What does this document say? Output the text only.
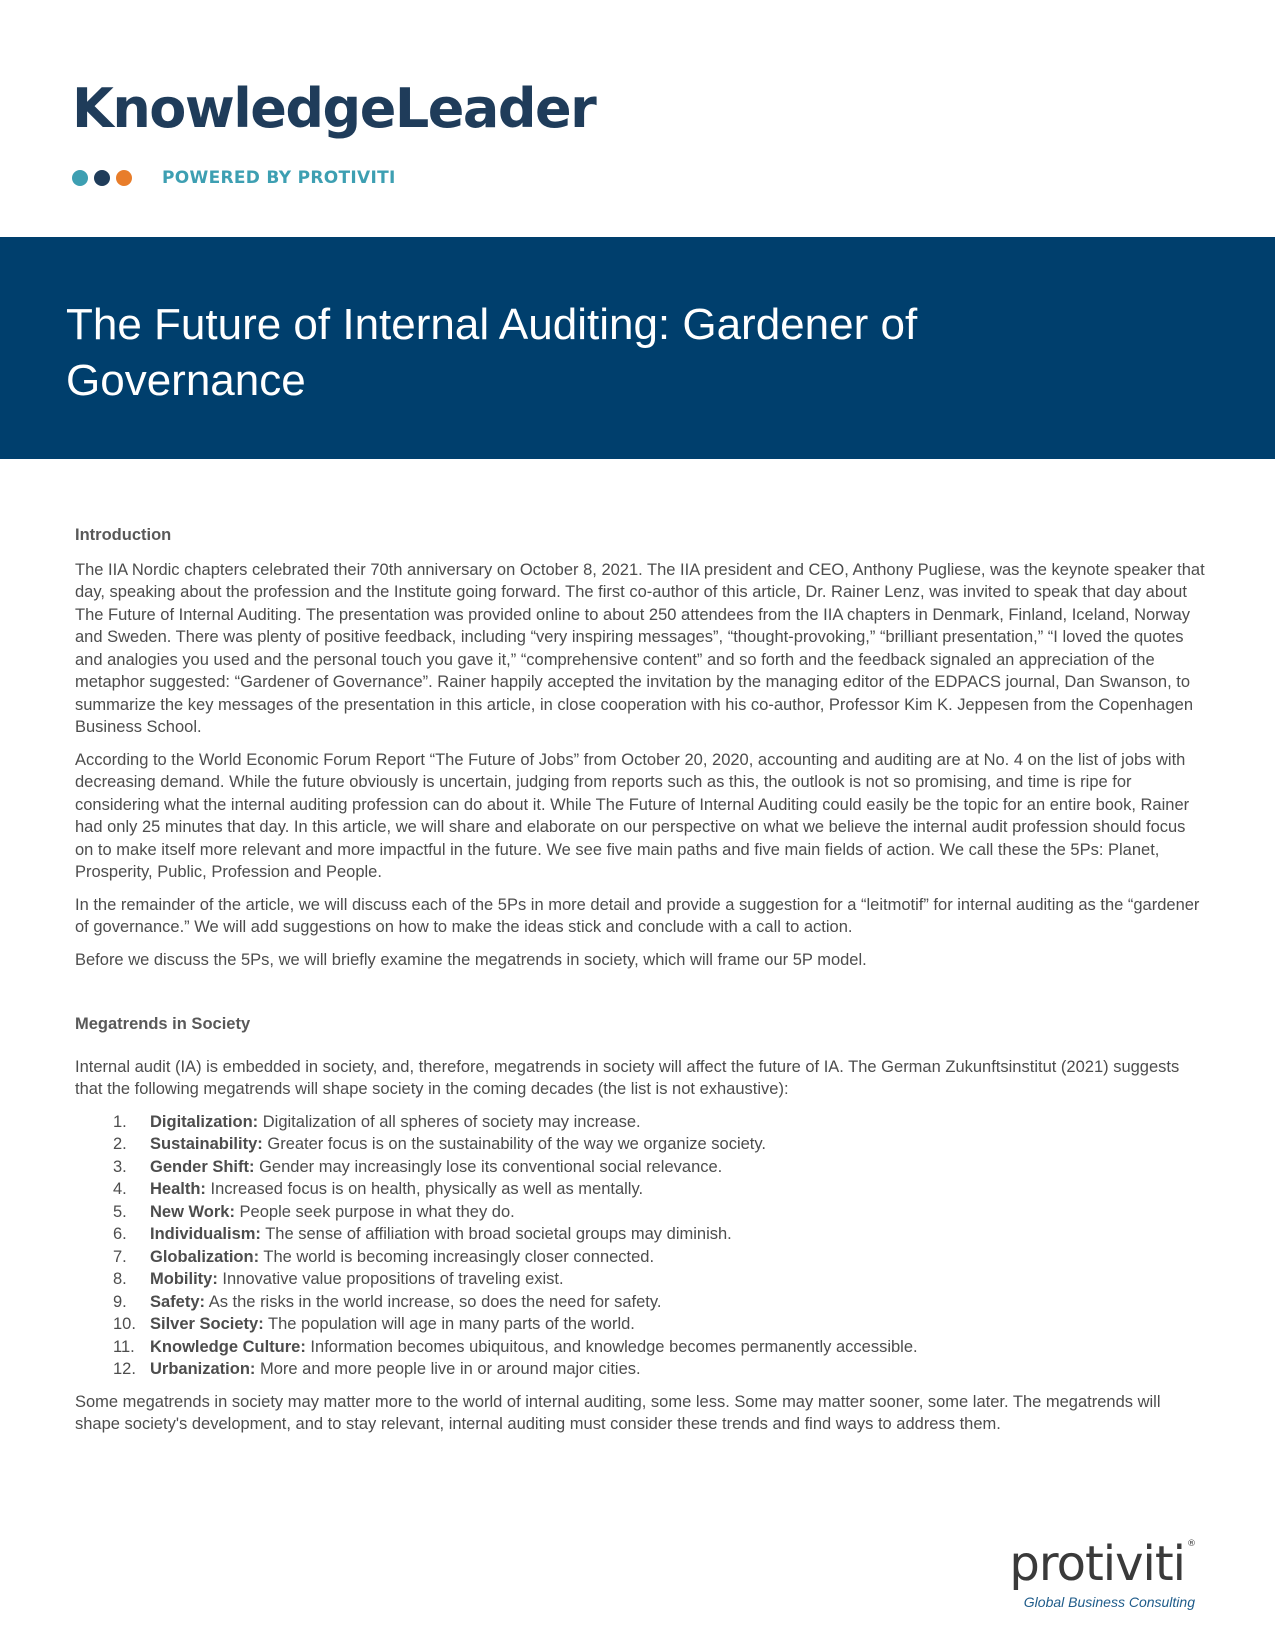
KnowledgeLeader
POWERED BY PROTIVITI
The Future of Internal Auditing: Gardener of Governance
Introduction

The IIA Nordic chapters celebrated their 70th anniversary on October 8, 2021. The IIA president and CEO, Anthony Pugliese, was the keynote speaker that day, speaking about the profession and the Institute going forward. The first co-author of this article, Dr. Rainer Lenz, was invited to speak that day about The Future of Internal Auditing. The presentation was provided online to about 250 attendees from the IIA chapters in Denmark, Finland, Iceland, Norway and Sweden. There was plenty of positive feedback, including “very inspiring messages”, “thought-provoking,” “brilliant presentation,” “I loved the quotes and analogies you used and the personal touch you gave it,” “comprehensive content” and so forth and the feedback signaled an appreciation of the metaphor suggested: “Gardener of Governance”. Rainer happily accepted the invitation by the managing editor of the EDPACS journal, Dan Swanson, to summarize the key messages of the presentation in this article, in close cooperation with his co-author, Professor Kim K. Jeppesen from the Copenhagen Business School.

According to the World Economic Forum Report “The Future of Jobs” from October 20, 2020, accounting and auditing are at No. 4 on the list of jobs with decreasing demand. While the future obviously is uncertain, judging from reports such as this, the outlook is not so promising, and time is ripe for considering what the internal auditing profession can do about it. While The Future of Internal Auditing could easily be the topic for an entire book, Rainer had only 25 minutes that day. In this article, we will share and elaborate on our perspective on what we believe the internal audit profession should focus on to make itself more relevant and more impactful in the future. We see five main paths and five main fields of action. We call these the 5Ps: Planet, Prosperity, Public, Profession and People.

In the remainder of the article, we will discuss each of the 5Ps in more detail and provide a suggestion for a “leitmotif” for internal auditing as the “gardener of governance.” We will add suggestions on how to make the ideas stick and conclude with a call to action.

Before we discuss the 5Ps, we will briefly examine the megatrends in society, which will frame our 5P model.

Megatrends in Society

Internal audit (IA) is embedded in society, and, therefore, megatrends in society will affect the future of IA. The German Zukunftsinstitut (2021) suggests that the following megatrends will shape society in the coming decades (the list is not exhaustive):

1. Digitalization: Digitalization of all spheres of society may increase.
2. Sustainability: Greater focus is on the sustainability of the way we organize society.
3. Gender Shift: Gender may increasingly lose its conventional social relevance.
4. Health: Increased focus is on health, physically as well as mentally.
5. New Work: People seek purpose in what they do.
6. Individualism: The sense of affiliation with broad societal groups may diminish.
7. Globalization: The world is becoming increasingly closer connected.
8. Mobility: Innovative value propositions of traveling exist.
9. Safety: As the risks in the world increase, so does the need for safety.
10. Silver Society: The population will age in many parts of the world.
11. Knowledge Culture: Information becomes ubiquitous, and knowledge becomes permanently accessible.
12. Urbanization: More and more people live in or around major cities.

Some megatrends in society may matter more to the world of internal auditing, some less. Some may matter sooner, some later. The megatrends will shape society's development, and to stay relevant, internal auditing must consider these trends and find ways to address them.

protiviti ®
Global Business Consulting
